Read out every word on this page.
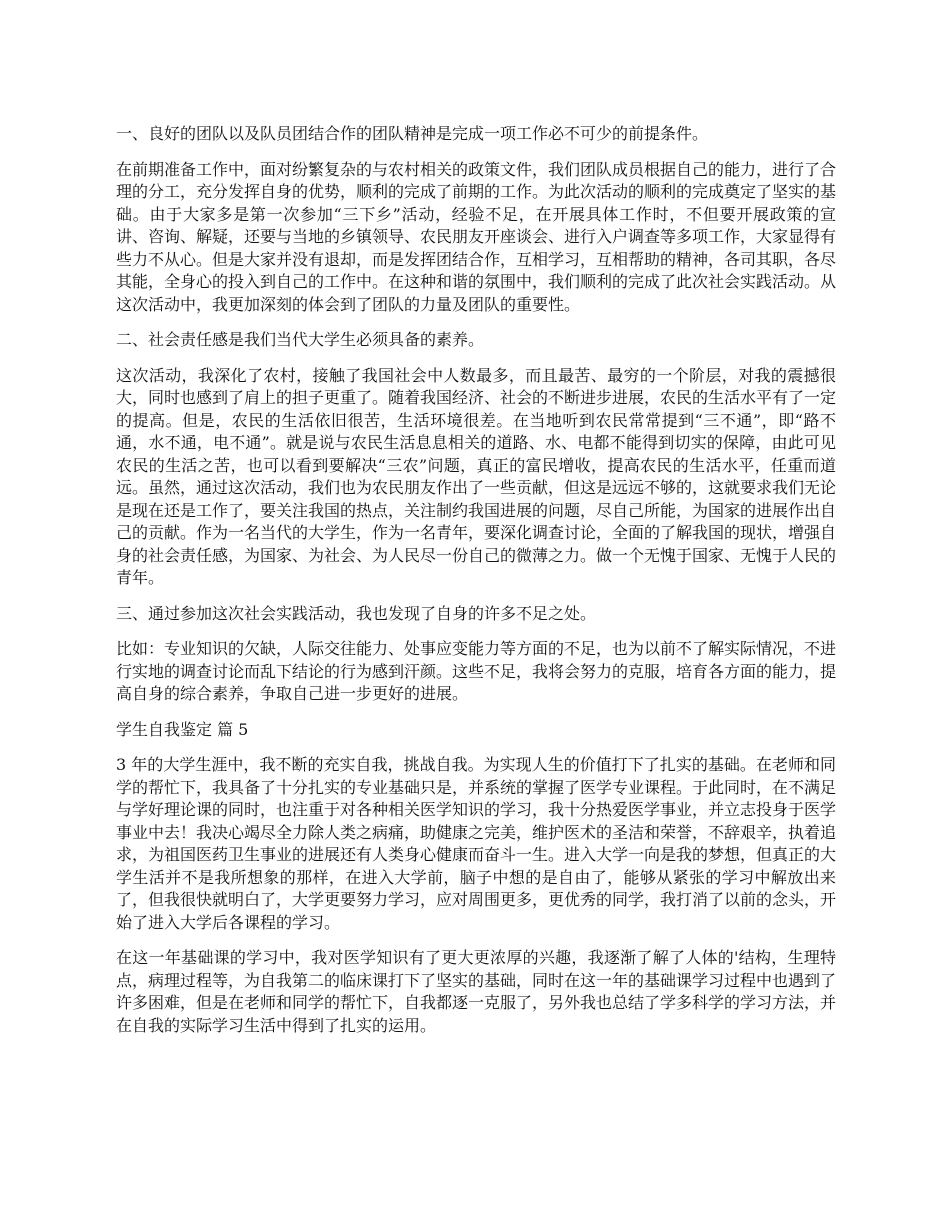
一、良好的团队以及队员团结合作的团队精神是完成一项工作必不可少的前提条件。

在前期准备工作中，面对纷繁复杂的与农村相关的政策文件，我们团队成员根据自己的能力，进行了合理的分工，充分发挥自身的优势，顺利的完成了前期的工作。为此次活动的顺利的完成奠定了坚实的基础。由于大家多是第一次参加“三下乡”活动，经验不足，在开展具体工作时，不但要开展政策的宣讲、咨询、解疑，还要与当地的乡镇领导、农民朋友开座谈会、进行入户调查等多项工作，大家显得有些力不从心。但是大家并没有退却，而是发挥团结合作，互相学习，互相帮助的精神，各司其职，各尽其能，全身心的投入到自己的工作中。在这种和谐的氛围中，我们顺利的完成了此次社会实践活动。从这次活动中，我更加深刻的体会到了团队的力量及团队的重要性。

二、社会责任感是我们当代大学生必须具备的素养。

这次活动，我深化了农村，接触了我国社会中人数最多，而且最苦、最穷的一个阶层，对我的震撼很大，同时也感到了肩上的担子更重了。随着我国经济、社会的不断进步进展，农民的生活水平有了一定的提高。但是，农民的生活依旧很苦，生活环境很差。在当地听到农民常常提到“三不通”，即“路不通，水不通，电不通”。就是说与农民生活息息相关的道路、水、电都不能得到切实的保障，由此可见农民的生活之苦，也可以看到要解决“三农”问题，真正的富民增收，提高农民的生活水平，任重而道远。虽然，通过这次活动，我们也为农民朋友作出了一些贡献，但这是远远不够的，这就要求我们无论是现在还是工作了，要关注我国的热点，关注制约我国进展的问题，尽自己所能，为国家的进展作出自己的贡献。作为一名当代的大学生，作为一名青年，要深化调查讨论，全面的了解我国的现状，增强自身的社会责任感，为国家、为社会、为人民尽一份自己的微薄之力。做一个无愧于国家、无愧于人民的青年。

三、通过参加这次社会实践活动，我也发现了自身的许多不足之处。

比如：专业知识的欠缺，人际交往能力、处事应变能力等方面的不足，也为以前不了解实际情况，不进行实地的调查讨论而乱下结论的行为感到汗颜。这些不足，我将会努力的克服，培育各方面的能力，提高自身的综合素养，争取自己进一步更好的进展。

学生自我鉴定 篇 5

3 年的大学生涯中，我不断的充实自我，挑战自我。为实现人生的价值打下了扎实的基础。在老师和同学的帮忙下，我具备了十分扎实的专业基础只是，并系统的掌握了医学专业课程。于此同时，在不满足与学好理论课的同时，也注重于对各种相关医学知识的学习，我十分热爱医学事业，并立志投身于医学事业中去！我决心竭尽全力除人类之病痛，助健康之完美，维护医术的圣洁和荣誉，不辞艰辛，执着追求，为祖国医药卫生事业的进展还有人类身心健康而奋斗一生。进入大学一向是我的梦想，但真正的大学生活并不是我所想象的那样，在进入大学前，脑子中想的是自由了，能够从紧张的学习中解放出来了，但我很快就明白了，大学更要努力学习，应对周围更多，更优秀的同学，我打消了以前的念头，开始了进入大学后各课程的学习。

在这一年基础课的学习中，我对医学知识有了更大更浓厚的兴趣，我逐渐了解了人体的'结构，生理特点，病理过程等，为自我第二的临床课打下了坚实的基础，同时在这一年的基础课学习过程中也遇到了许多困难，但是在老师和同学的帮忙下，自我都逐一克服了，另外我也总结了学多科学的学习方法，并在自我的实际学习生活中得到了扎实的运用。
